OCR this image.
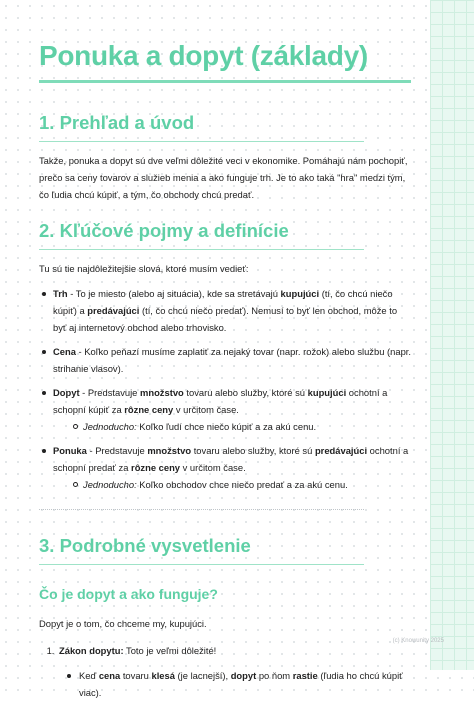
Ponuka a dopyt (základy)
1. Prehľad a úvod

Takže, ponuka a dopyt sú dve veľmi dôležité veci v ekonomike. Pomáhajú nám pochopiť, prečo sa ceny tovarov a služieb menia a ako funguje trh. Je to ako taká "hra" medzi tým, čo ľudia chcú kúpiť, a tým, čo obchody chcú predať.

2. Kľúčové pojmy a definície

Tu sú tie najdôležitejšie slová, ktoré musím vedieť:

Trh - To je miesto (alebo aj situácia), kde sa stretávajú kupujúci (tí, čo chcú niečo kúpiť) a predávajúci (tí, čo chcú niečo predať). Nemusí to byť len obchod, môže to byť aj internetový obchod alebo trhovisko.
Cena - Koľko peňazí musíme zaplatiť za nejaký tovar (napr. rožok) alebo službu (napr. strihanie vlasov).
Dopyt - Predstavuje množstvo tovaru alebo služby, ktoré sú kupujúci ochotní a schopní kúpiť za rôzne ceny v určitom čase.
Jednoducho: Koľko ľudí chce niečo kúpiť a za akú cenu.
Ponuka - Predstavuje množstvo tovaru alebo služby, ktoré sú predávajúci ochotní a schopní predať za rôzne ceny v určitom čase.
Jednoducho: Koľko obchodov chce niečo predať a za akú cenu.
3. Podrobné vysvetlenie
Čo je dopyt a ako funguje?

Dopyt je o tom, čo chceme my, kupujúci.

1. Zákon dopytu: Toto je veľmi dôležité!
Keď cena tovaru klesá (je lacnejší), dopyt po ňom rastie (ľudia ho chcú kúpiť viac).
(c) Knowunity 2025
